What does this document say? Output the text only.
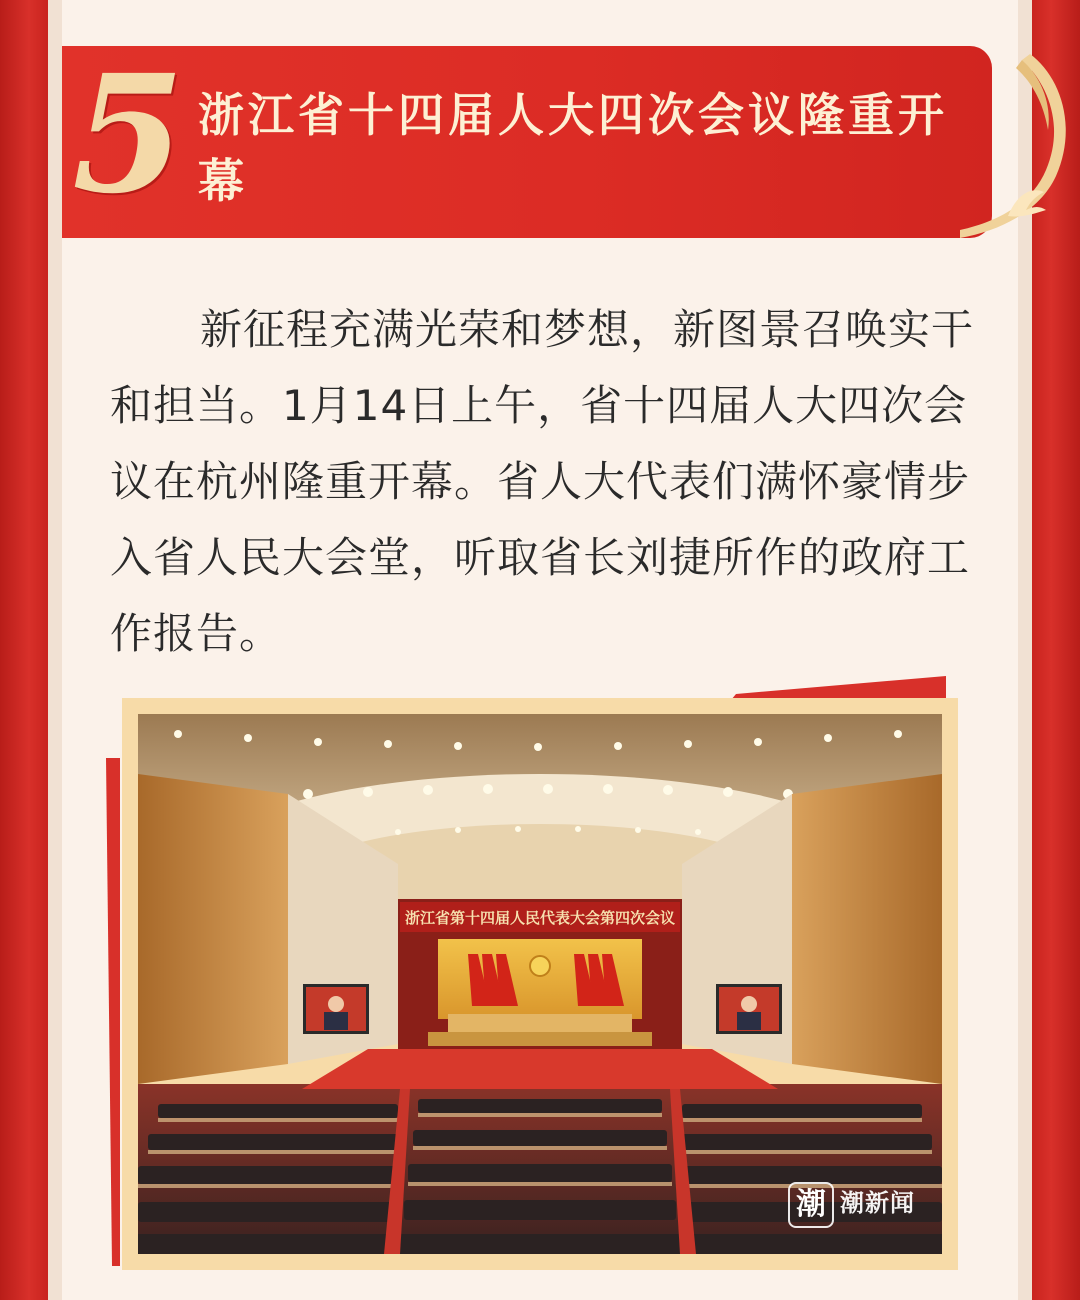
5 浙江省十四届人大四次会议隆重开幕

新征程充满光荣和梦想，新图景召唤实干和担当。1月14日上午，省十四届人大四次会议在杭州隆重开幕。省人大代表们满怀豪情步入省人民大会堂，听取省长刘捷所作的政府工作报告。

浙江省第十四届人民代表大会第四次会议
潮 潮新闻
